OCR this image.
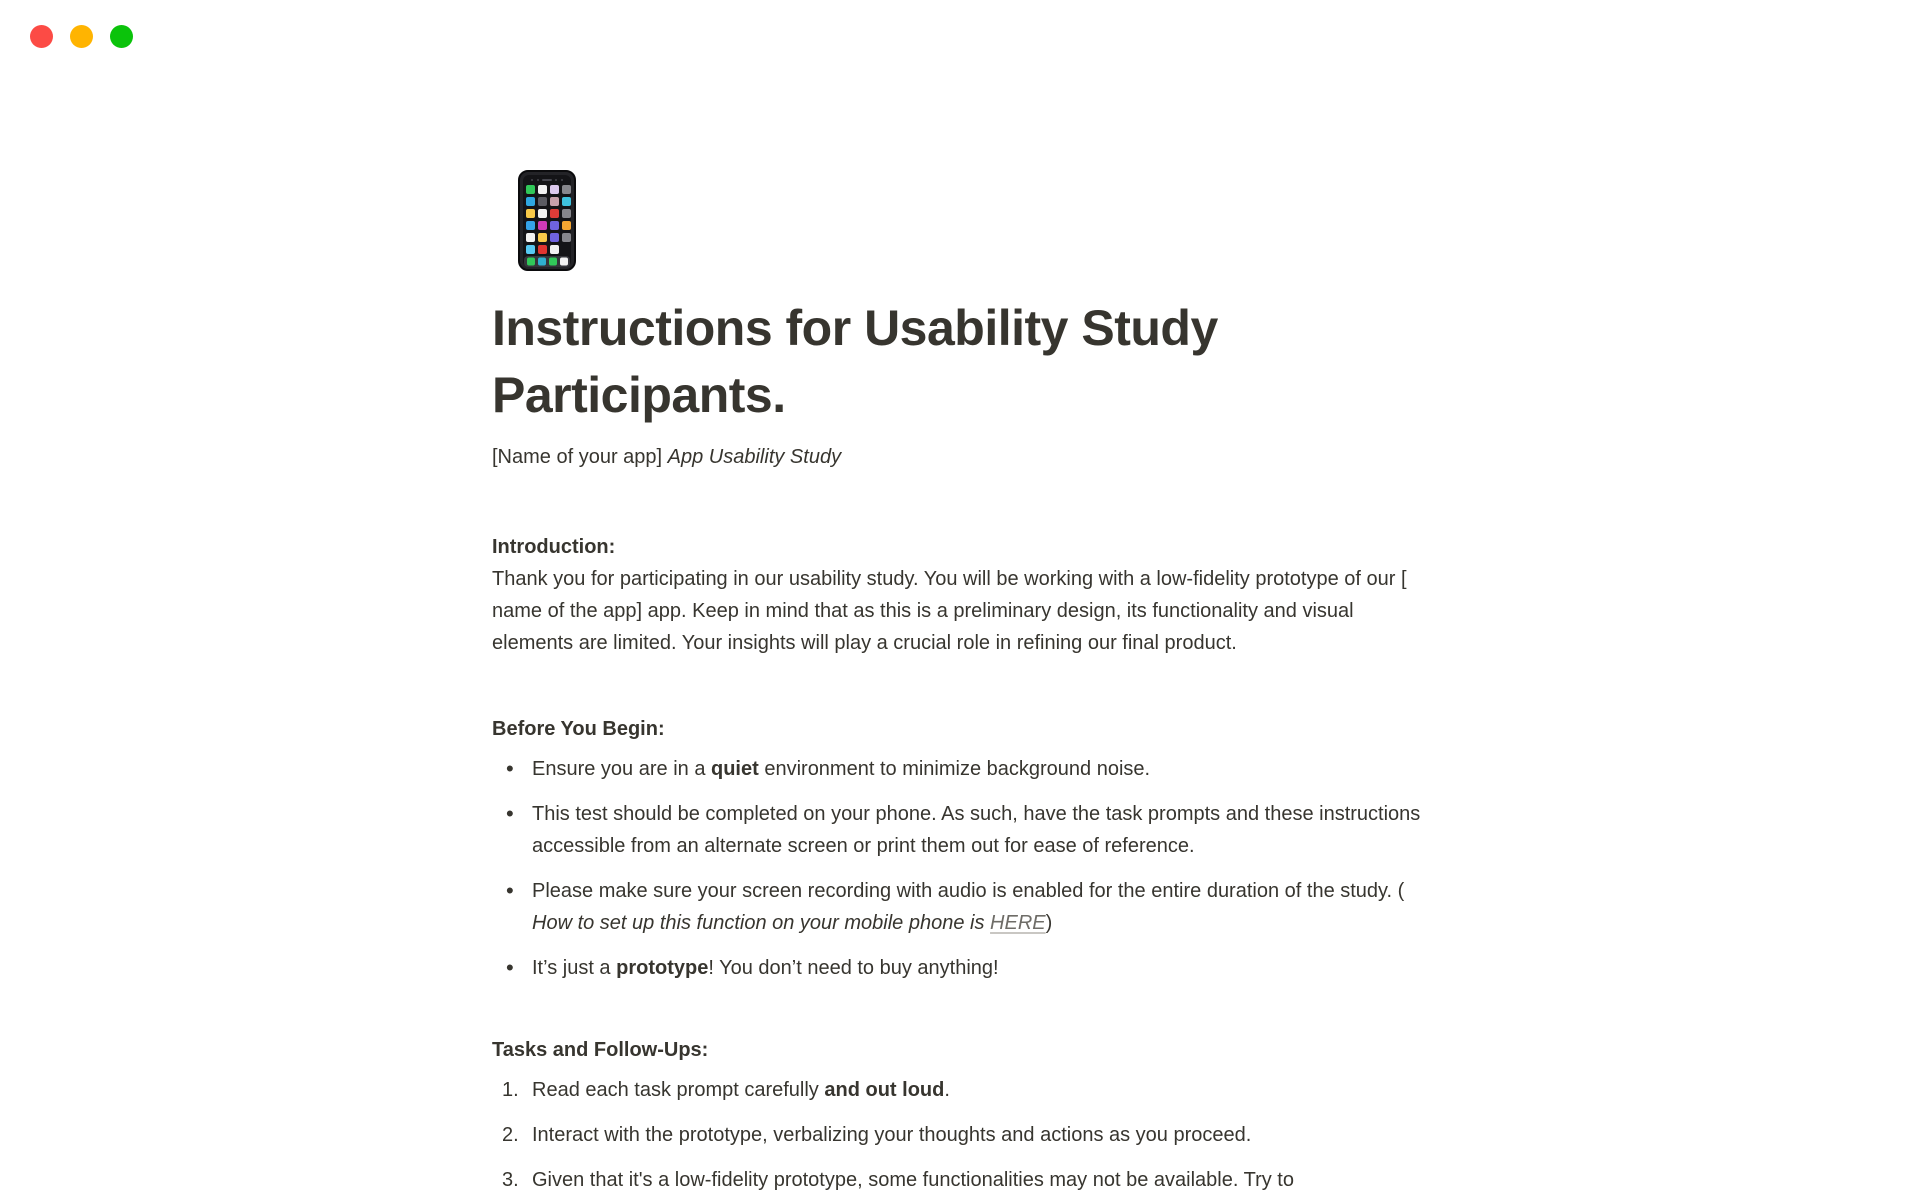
Instructions for Usability Study Participants.

[Name of your app] App Usability Study

Introduction:

Thank you for participating in our usability study. You will be working with a low-fidelity prototype of our [ name of the app] app. Keep in mind that as this is a preliminary design, its functionality and visual elements are limited. Your insights will play a crucial role in refining our final product.

Before You Begin:

• Ensure you are in a quiet environment to minimize background noise.
• This test should be completed on your phone. As such, have the task prompts and these instructions accessible from an alternate screen or print them out for ease of reference.
• Please make sure your screen recording with audio is enabled for the entire duration of the study. ( How to set up this function on your mobile phone is HERE)
• It’s just a prototype! You don’t need to buy anything!

Tasks and Follow-Ups:

1. Read each task prompt carefully and out loud.
2. Interact with the prototype, verbalizing your thoughts and actions as you proceed.
3. Given that it's a low-fidelity prototype, some functionalities may not be available. Try to
